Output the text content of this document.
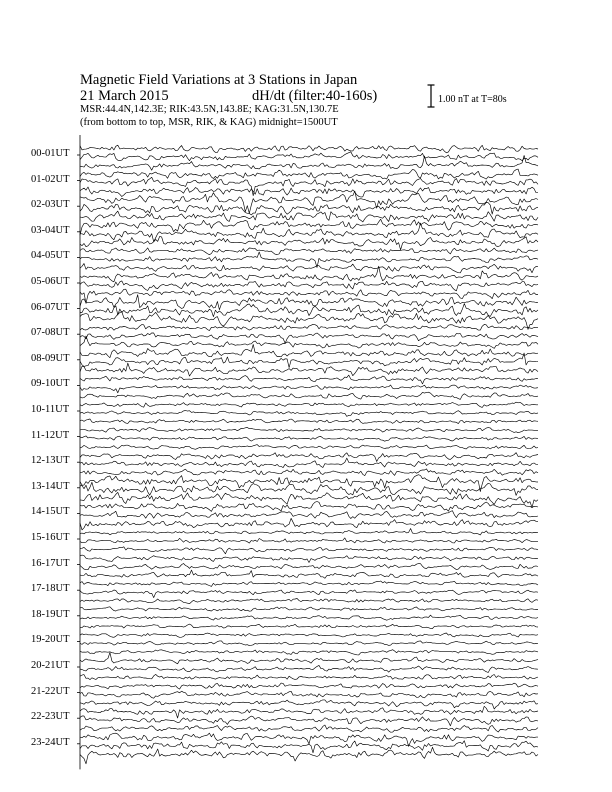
Magnetic Field Variations at 3 Stations in Japan
21 March 2015	dH/dt (filter:40-160s)
MSR:44.4N,142.3E; RIK:43.5N,143.8E; KAG:31.5N,130.7E
(from bottom to top, MSR, RIK, & KAG) midnight=1500UT
1.00 nT at T=80s
00-01UT
01-02UT
02-03UT
03-04UT
04-05UT
05-06UT
06-07UT
07-08UT
08-09UT
09-10UT
10-11UT
11-12UT
12-13UT
13-14UT
14-15UT
15-16UT
16-17UT
17-18UT
18-19UT
19-20UT
20-21UT
21-22UT
22-23UT
23-24UT
